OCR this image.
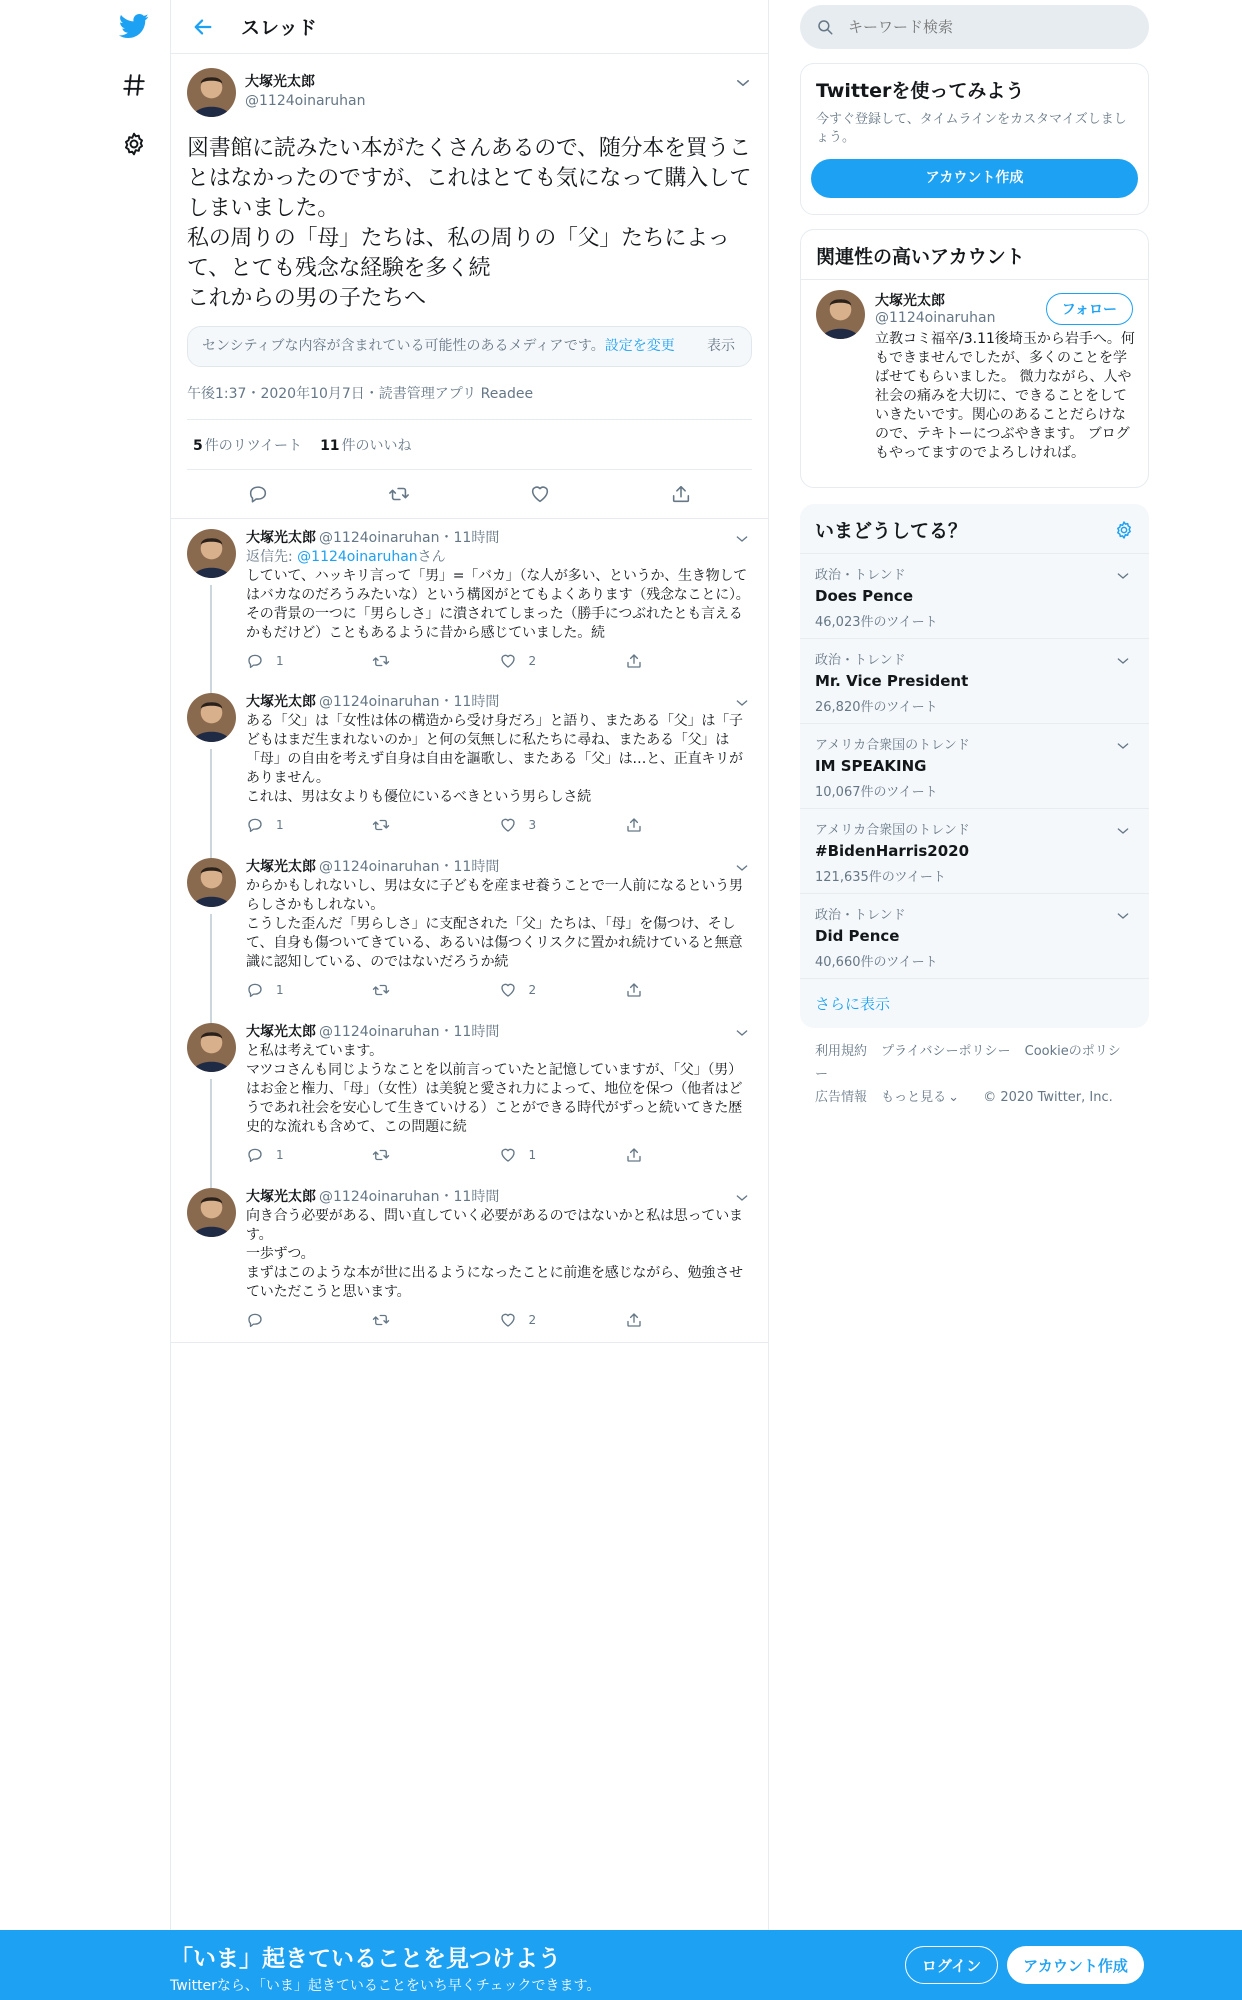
スレッド
大塚光太郎
@1124oinaruhan
図書館に読みたい本がたくさんあるので、随分本を買うことはなかったのですが、これはとても気になって購入してしまいました。
私の周りの「母」たちは、私の周りの「父」たちによって、とても残念な経験を多く続
これからの男の子たちへ
センシティブな内容が含まれている可能性のあるメディアです。設定を変更	表示
午後1:37・2020年10月7日・読書管理アプリ Readee
5 件のリツイート 11 件のいいね
大塚光太郎 @1124oinaruhan・11時間
返信先: @1124oinaruhanさん
していて、ハッキリ言って「男」=「バカ」（な人が多い、というか、生き物してはバカなのだろうみたいな）という構図がとてもよくあります（残念なことに）。
その背景の一つに「男らしさ」に潰されてしまった（勝手につぶれたとも言えるかもだけど）こともあるように昔から感じていました。続
1	2
大塚光太郎 @1124oinaruhan・11時間
ある「父」は「女性は体の構造から受け身だろ」と語り、またある「父」は「子どもはまだ生まれないのか」と何の気無しに私たちに尋ね、またある「父」は「母」の自由を考えず自身は自由を謳歌し、またある「父」は…と、正直キリがありません。
これは、男は女よりも優位にいるべきという男らしさ続
1	3
大塚光太郎 @1124oinaruhan・11時間
からかもしれないし、男は女に子どもを産ませ養うことで一人前になるという男らしさかもしれない。
こうした歪んだ「男らしさ」に支配された「父」たちは、「母」を傷つけ、そして、自身も傷ついてきている、あるいは傷つくリスクに置かれ続けていると無意識に認知している、のではないだろうか続
1	2
大塚光太郎 @1124oinaruhan・11時間
と私は考えています。
マツコさんも同じようなことを以前言っていたと記憶していますが、「父」（男）はお金と権力、「母」（女性）は美貌と愛され力によって、地位を保つ（他者はどうであれ社会を安心して生きていける）ことができる時代がずっと続いてきた歴史的な流れも含めて、この問題に続
1	1
大塚光太郎 @1124oinaruhan・11時間
向き合う必要がある、問い直していく必要があるのではないかと私は思っています。
一歩ずつ。
まずはこのような本が世に出るようになったことに前進を感じながら、勉強させていただこうと思います。
2
キーワード検索
Twitterを使ってみよう
今すぐ登録して、タイムラインをカスタマイズしましょう。
アカウント作成
関連性の高いアカウント
大塚光太郎
@1124oinaruhan
立教コミ福卒/3.11後埼玉から岩手へ。何もできませんでしたが、多くのことを学ばせてもらいました。 微力ながら、人や社会の痛みを大切に、できることをしていきたいです。関心のあることだらけなので、テキトーにつぶやきます。 ブログもやってますのでよろしければ。
フォロー
いまどうしてる？
政治・トレンド
Does Pence
46,023件のツイート
政治・トレンド
Mr. Vice President
26,820件のツイート
アメリカ合衆国のトレンド
IM SPEAKING
10,067件のツイート
アメリカ合衆国のトレンド
#BidenHarris2020
121,635件のツイート
政治・トレンド
Did Pence
40,660件のツイート
さらに表示
利用規約 プライバシーポリシー Cookieのポリシー
広告情報 もっと見る ⌄ © 2020 Twitter, Inc.
「いま」起きていることを見つけよう
Twitterなら、「いま」起きていることをいち早くチェックできます。
ログイン	アカウント作成
